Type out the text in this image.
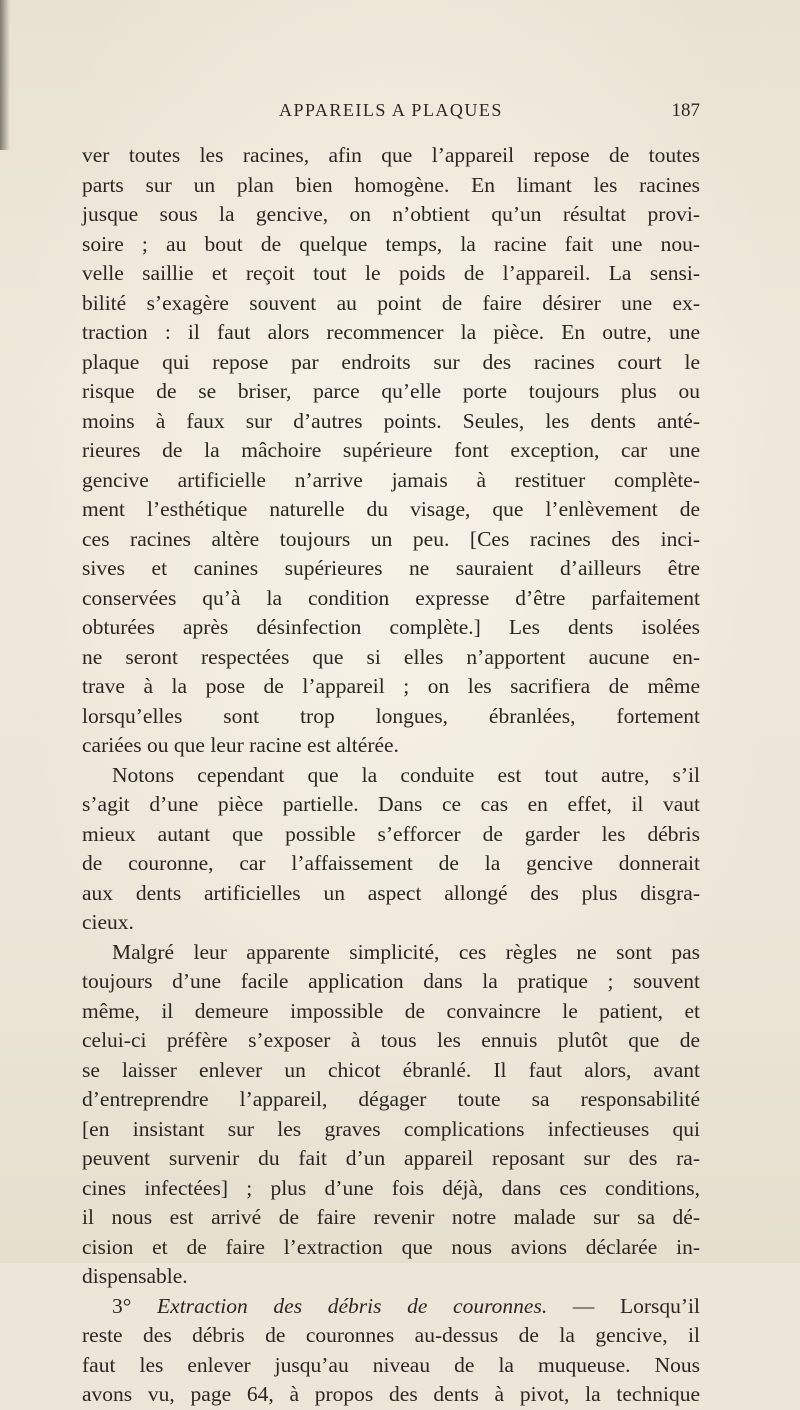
APPAREILS A PLAQUES	187
ver toutes les racines, afin que l’appareil repose de toutes
parts sur un plan bien homogène. En limant les racines
jusque sous la gencive, on n’obtient qu’un résultat provi-
soire ; au bout de quelque temps, la racine fait une nou-
velle saillie et reçoit tout le poids de l’appareil. La sensi-
bilité s’exagère souvent au point de faire désirer une ex-
traction : il faut alors recommencer la pièce. En outre, une
plaque qui repose par endroits sur des racines court le
risque de se briser, parce qu’elle porte toujours plus ou
moins à faux sur d’autres points. Seules, les dents anté-
rieures de la mâchoire supérieure font exception, car une
gencive artificielle n’arrive jamais à restituer complète-
ment l’esthétique naturelle du visage, que l’enlèvement de
ces racines altère toujours un peu. [Ces racines des inci-
sives et canines supérieures ne sauraient d’ailleurs être
conservées qu’à la condition expresse d’être parfaitement
obturées après désinfection complète.] Les dents isolées
ne seront respectées que si elles n’apportent aucune en-
trave à la pose de l’appareil ; on les sacrifiera de même
lorsqu’elles sont trop longues, ébranlées, fortement
cariées ou que leur racine est altérée.
Notons cependant que la conduite est tout autre, s’il
s’agit d’une pièce partielle. Dans ce cas en effet, il vaut
mieux autant que possible s’efforcer de garder les débris
de couronne, car l’affaissement de la gencive donnerait
aux dents artificielles un aspect allongé des plus disgra-
cieux.
Malgré leur apparente simplicité, ces règles ne sont pas
toujours d’une facile application dans la pratique ; souvent
même, il demeure impossible de convaincre le patient, et
celui-ci préfère s’exposer à tous les ennuis plutôt que de
se laisser enlever un chicot ébranlé. Il faut alors, avant
d’entreprendre l’appareil, dégager toute sa responsabilité
[en insistant sur les graves complications infectieuses qui
peuvent survenir du fait d’un appareil reposant sur des ra-
cines infectées] ; plus d’une fois déjà, dans ces conditions,
il nous est arrivé de faire revenir notre malade sur sa dé-
cision et de faire l’extraction que nous avions déclarée in-
dispensable.
3° Extraction des débris de couronnes. — Lorsqu’il
reste des débris de couronnes au-dessus de la gencive, il
faut les enlever jusqu’au niveau de la muqueuse. Nous
avons vu, page 64, à propos des dents à pivot, la technique
